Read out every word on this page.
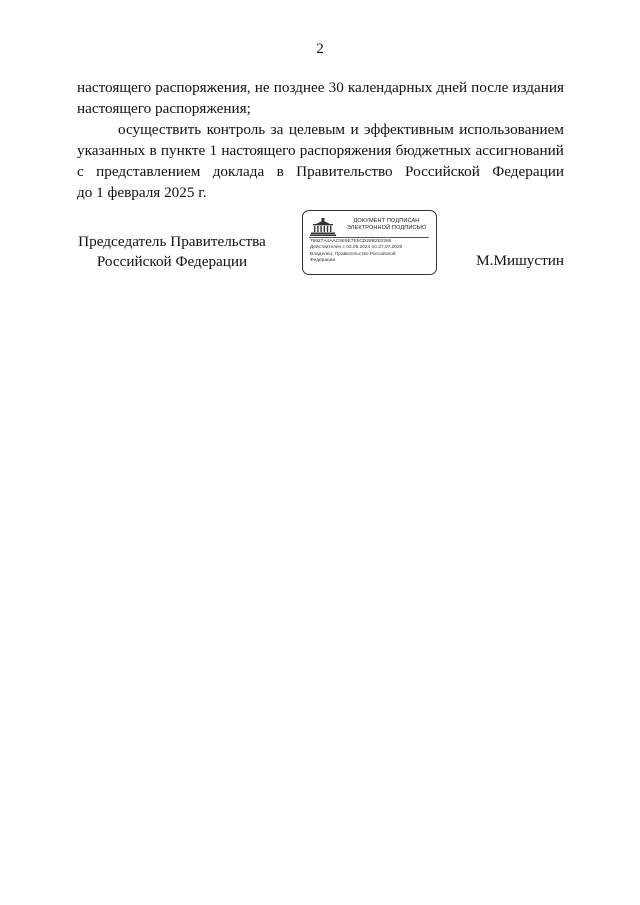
2
настоящего распоряжения, не позднее 30 календарных дней после издания
настоящего распоряжения;
осуществить контроль за целевым и эффективным использованием
указанных в пункте 1 настоящего распоряжения бюджетных ассигнований
с представлением доклада в Правительство Российской Федерации
до 1 февраля 2025 г.
Председатель Правительства
Российской Федерации
ДОКУМЕНТ ПОДПИСАН
ЭЛЕКТРОННОЙ ПОДПИСЬЮ
75627A4AAC9E9E7E5CD29B2E0286
Действителен с 03.05.2024 по 27.07.2025
Владелец: Правительство Российской
Федерации	М.Мишустин
